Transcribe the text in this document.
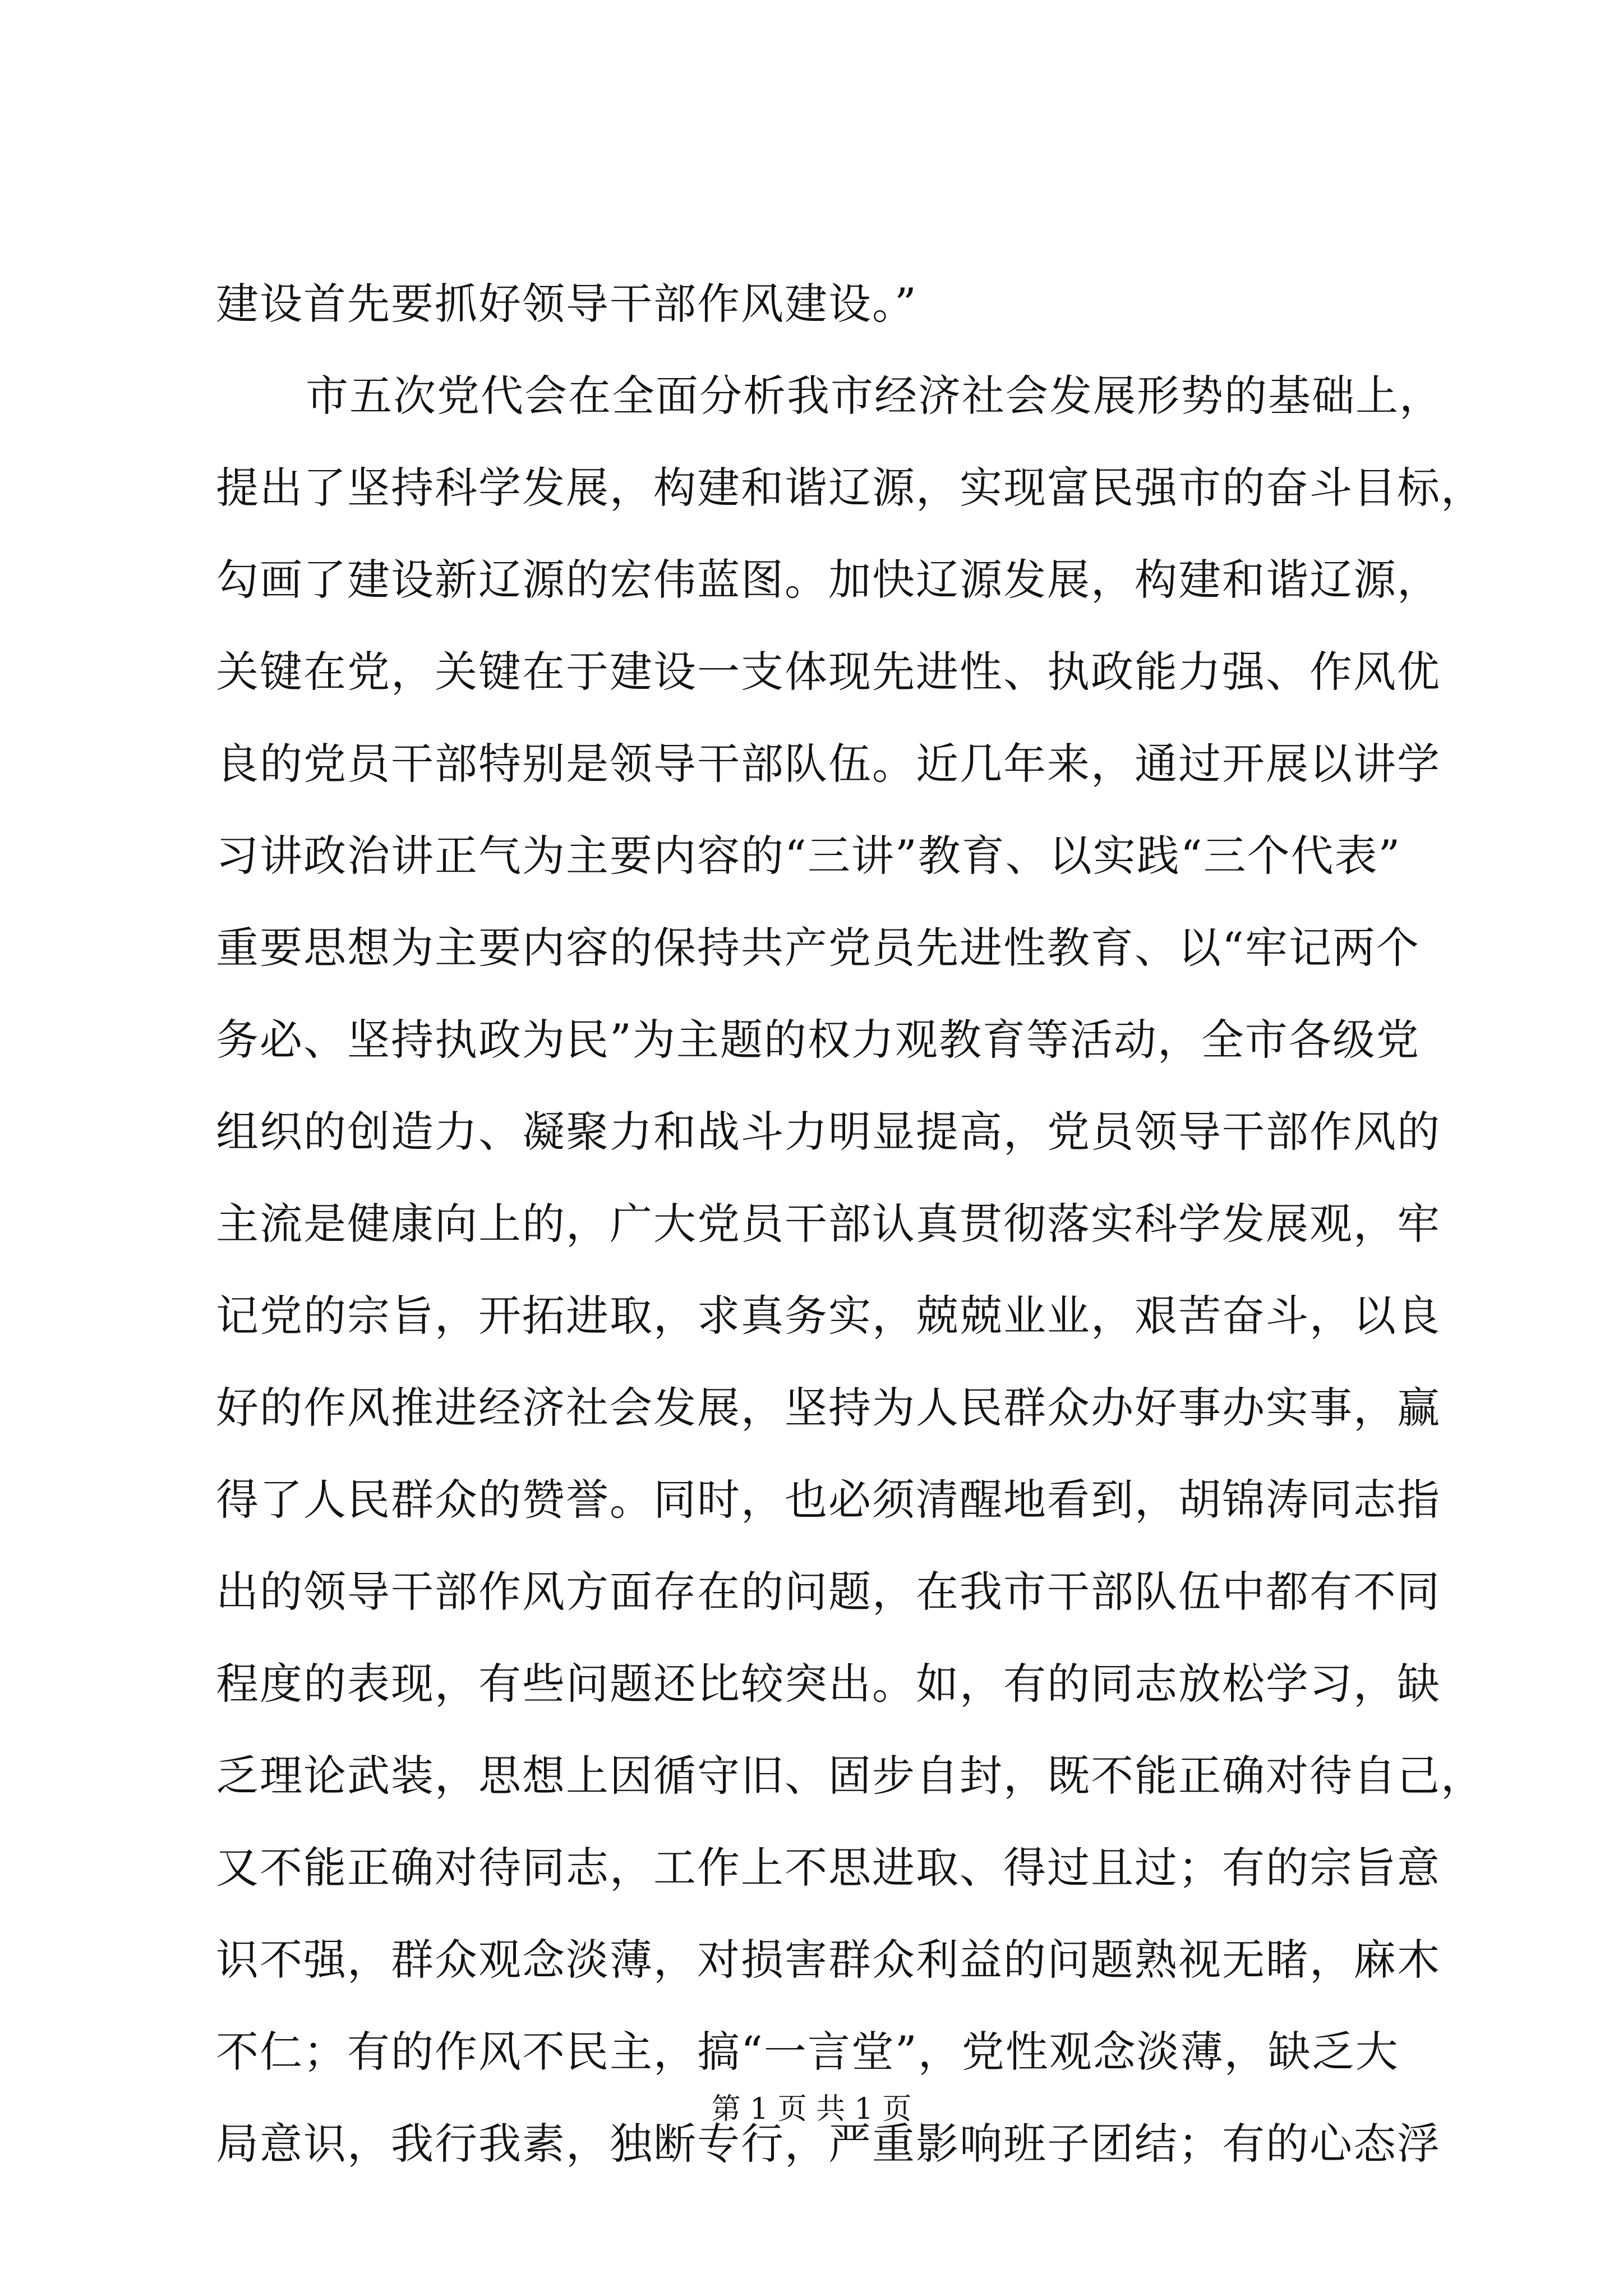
建设首先要抓好领导干部作风建设。”
市五次党代会在全面分析我市经济社会发展形势的基础上，
提出了坚持科学发展，构建和谐辽源，实现富民强市的奋斗目标，
勾画了建设新辽源的宏伟蓝图。加快辽源发展，构建和谐辽源，
关键在党，关键在于建设一支体现先进性、执政能力强、作风优
良的党员干部特别是领导干部队伍。近几年来，通过开展以讲学
习讲政治讲正气为主要内容的“三讲”教育、以实践“三个代表”
重要思想为主要内容的保持共产党员先进性教育、以“牢记两个
务必、坚持执政为民”为主题的权力观教育等活动，全市各级党
组织的创造力、凝聚力和战斗力明显提高，党员领导干部作风的
主流是健康向上的，广大党员干部认真贯彻落实科学发展观，牢
记党的宗旨，开拓进取，求真务实，兢兢业业，艰苦奋斗，以良
好的作风推进经济社会发展，坚持为人民群众办好事办实事，赢
得了人民群众的赞誉。同时，也必须清醒地看到，胡锦涛同志指
出的领导干部作风方面存在的问题，在我市干部队伍中都有不同
程度的表现，有些问题还比较突出。如，有的同志放松学习，缺
乏理论武装，思想上因循守旧、固步自封，既不能正确对待自己，
又不能正确对待同志，工作上不思进取、得过且过；有的宗旨意
识不强，群众观念淡薄，对损害群众利益的问题熟视无睹，麻木
不仁；有的作风不民主，搞“一言堂”，党性观念淡薄，缺乏大
局意识，我行我素，独断专行，严重影响班子团结；有的心态浮
第 1 页 共 1 页
